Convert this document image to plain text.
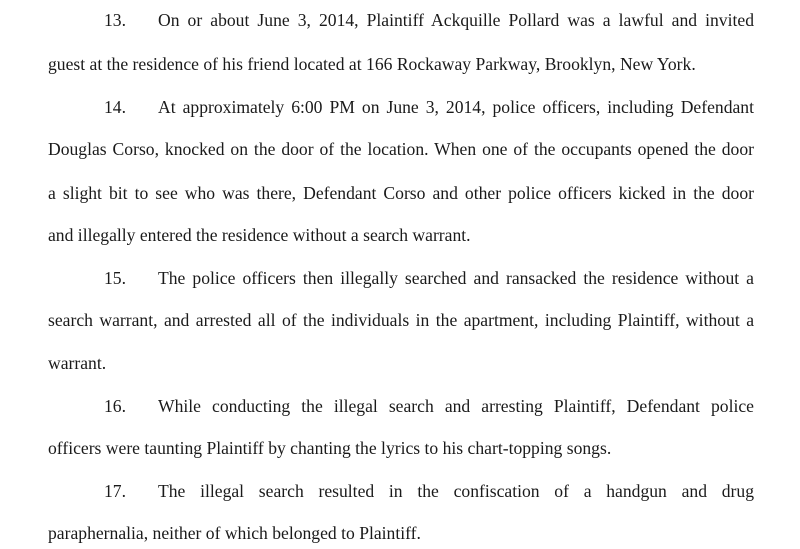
13. On or about June 3, 2014, Plaintiff Ackquille Pollard was a lawful and invited
guest at the residence of his friend located at 166 Rockaway Parkway, Brooklyn, New York.
14. At approximately 6:00 PM on June 3, 2014, police officers, including Defendant
Douglas Corso, knocked on the door of the location. When one of the occupants opened the door
a slight bit to see who was there, Defendant Corso and other police officers kicked in the door
and illegally entered the residence without a search warrant.
15. The police officers then illegally searched and ransacked the residence without a
search warrant, and arrested all of the individuals in the apartment, including Plaintiff, without a
warrant.
16. While conducting the illegal search and arresting Plaintiff, Defendant police
officers were taunting Plaintiff by chanting the lyrics to his chart-topping songs.
17. The illegal search resulted in the confiscation of a handgun and drug
paraphernalia, neither of which belonged to Plaintiff.
